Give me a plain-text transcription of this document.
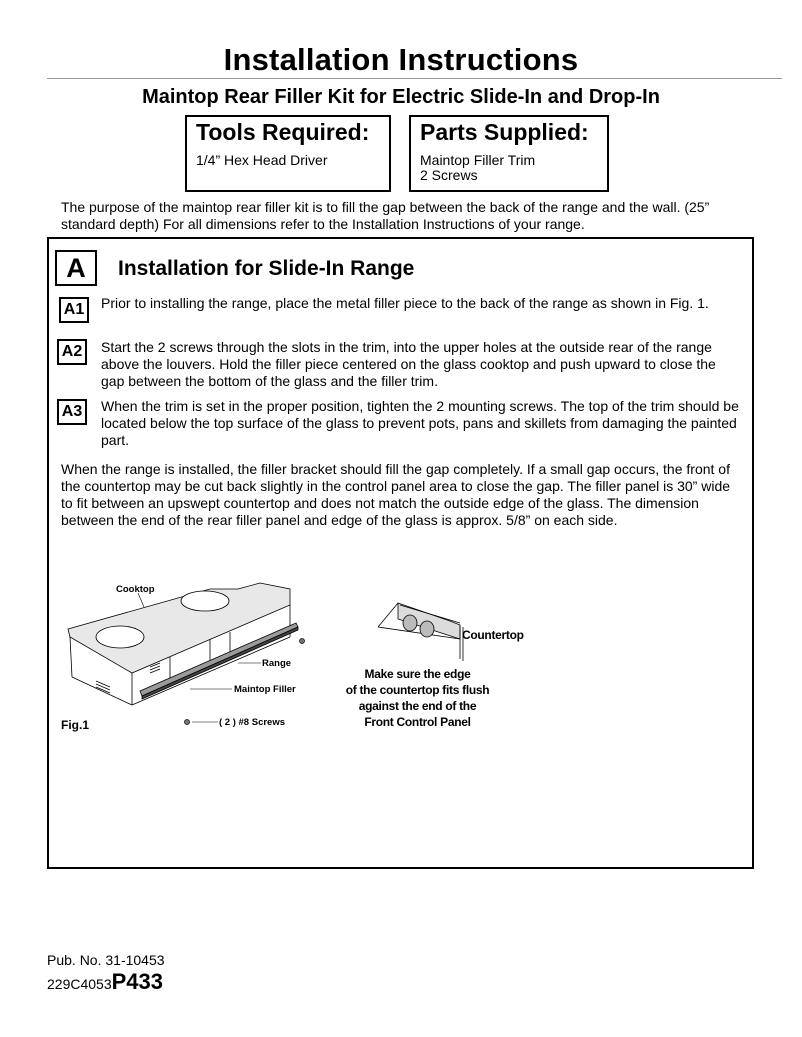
Installation Instructions
Maintop Rear Filler Kit for Electric Slide-In and Drop-In
Tools Required:
1/4” Hex Head Driver
Parts Supplied:
Maintop Filler Trim
2 Screws
The purpose of the maintop rear filler kit is to fill the gap between the back of the range and the wall. (25” standard depth) For all dimensions refer to the Installation Instructions of your range.
A	Installation for Slide-In Range
A1	Prior to installing the range, place the metal filler piece to the back of the range as shown in Fig. 1.
A2	Start the 2 screws through the slots in the trim, into the upper holes at the outside rear of the range above the louvers. Hold the filler piece centered on the glass cooktop and push upward to close the gap between the bottom of the glass and the filler trim.
A3	When the trim is set in the proper position, tighten the 2 mounting screws. The top of the trim should be located below the top surface of the glass to prevent pots, pans and skillets from damaging the painted part.
When the range is installed, the filler bracket should fill the gap completely. If a small gap occurs, the front of the countertop may be cut back slightly in the control panel area to close the gap. The filler panel is 30” wide to fit between an upswept countertop and does not match the outside edge of the glass. The dimension between the end of the rear filler panel and edge of the glass is approx. 5/8” on each side.
Cooktop
Range
Maintop Filler
( 2 ) #8 Screws
Fig.1
Countertop
Make sure the edge
of the countertop fits flush
against the end of the
Front Control Panel
Pub. No. 31-10453
229C4053P433
